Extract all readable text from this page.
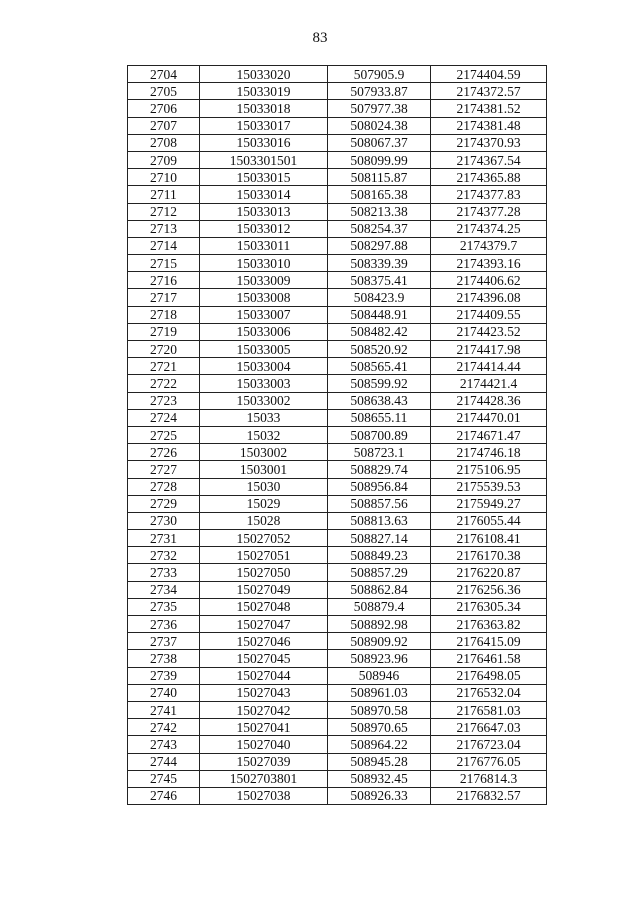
83
2704	15033020	507905.9	2174404.59
2705	15033019	507933.87	2174372.57
2706	15033018	507977.38	2174381.52
2707	15033017	508024.38	2174381.48
2708	15033016	508067.37	2174370.93
2709	1503301501	508099.99	2174367.54
2710	15033015	508115.87	2174365.88
2711	15033014	508165.38	2174377.83
2712	15033013	508213.38	2174377.28
2713	15033012	508254.37	2174374.25
2714	15033011	508297.88	2174379.7
2715	15033010	508339.39	2174393.16
2716	15033009	508375.41	2174406.62
2717	15033008	508423.9	2174396.08
2718	15033007	508448.91	2174409.55
2719	15033006	508482.42	2174423.52
2720	15033005	508520.92	2174417.98
2721	15033004	508565.41	2174414.44
2722	15033003	508599.92	2174421.4
2723	15033002	508638.43	2174428.36
2724	15033	508655.11	2174470.01
2725	15032	508700.89	2174671.47
2726	1503002	508723.1	2174746.18
2727	1503001	508829.74	2175106.95
2728	15030	508956.84	2175539.53
2729	15029	508857.56	2175949.27
2730	15028	508813.63	2176055.44
2731	15027052	508827.14	2176108.41
2732	15027051	508849.23	2176170.38
2733	15027050	508857.29	2176220.87
2734	15027049	508862.84	2176256.36
2735	15027048	508879.4	2176305.34
2736	15027047	508892.98	2176363.82
2737	15027046	508909.92	2176415.09
2738	15027045	508923.96	2176461.58
2739	15027044	508946	2176498.05
2740	15027043	508961.03	2176532.04
2741	15027042	508970.58	2176581.03
2742	15027041	508970.65	2176647.03
2743	15027040	508964.22	2176723.04
2744	15027039	508945.28	2176776.05
2745	1502703801	508932.45	2176814.3
2746	15027038	508926.33	2176832.57
